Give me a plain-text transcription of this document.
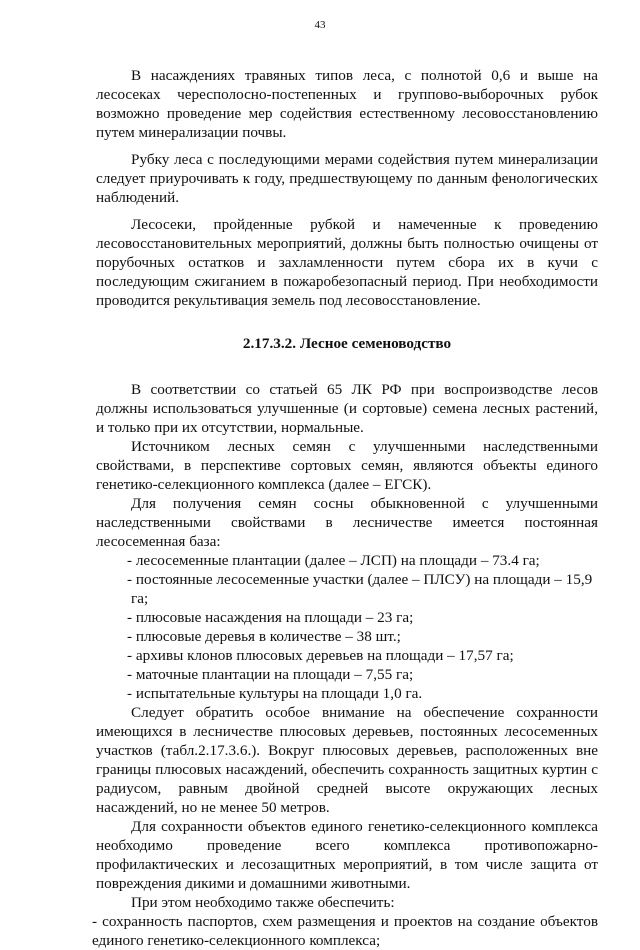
43

В насаждениях травяных типов леса, с полнотой 0,6 и выше на лесосеках чересполосно-постепенных и группово-выборочных рубок возможно проведение мер содействия естественному лесовосстановлению путем минерализации почвы.

Рубку леса с последующими мерами содействия путем минерализации следует приурочивать к году, предшествующему по данным фенологических наблюдений.

Лесосеки, пройденные рубкой и намеченные к проведению лесовосстановительных мероприятий, должны быть полностью очищены от порубочных остатков и захламленности путем сбора их в кучи с последующим сжиганием в пожаробезопасный период. При необходимости проводится рекультивация земель под лесовосстановление.

2.17.3.2. Лесное семеноводство

В соответствии со статьей 65 ЛК РФ при воспроизводстве лесов должны использоваться улучшенные (и сортовые) семена лесных растений, и только при их отсутствии, нормальные.

Источником лесных семян с улучшенными наследственными свойствами, в перспективе сортовых семян, являются объекты единого генетико-селекционного комплекса (далее – ЕГСК).

Для получения семян сосны обыкновенной с улучшенными наследственными свойствами в лесничестве имеется постоянная лесосеменная база:

- лесосеменные плантации (далее – ЛСП) на площади – 73.4 га;

- постоянные лесосеменные участки (далее – ПЛСУ) на площади – 15,9 га;

- плюсовые насаждения на площади – 23 га;

- плюсовые деревья в количестве – 38 шт.;

- архивы клонов плюсовых деревьев на площади – 17,57 га;

- маточные плантации на площади – 7,55 га;

- испытательные культуры на площади 1,0 га.

Следует обратить особое внимание на обеспечение сохранности имеющихся в лесничестве плюсовых деревьев, постоянных лесосеменных участков (табл.2.17.3.6.). Вокруг плюсовых деревьев, расположенных вне границы плюсовых насаждений, обеспечить сохранность защитных куртин с радиусом, равным двойной средней высоте окружающих лесных насаждений, но не менее 50 метров.

Для сохранности объектов единого генетико-селекционного комплекса необходимо проведение всего комплекса противопожарно-профилактических и лесозащитных мероприятий, в том числе защита от повреждения дикими и домашними животными.

При этом необходимо также обеспечить:

- сохранность паспортов, схем размещения и проектов на создание объектов единого генетико-селекционного комплекса;
